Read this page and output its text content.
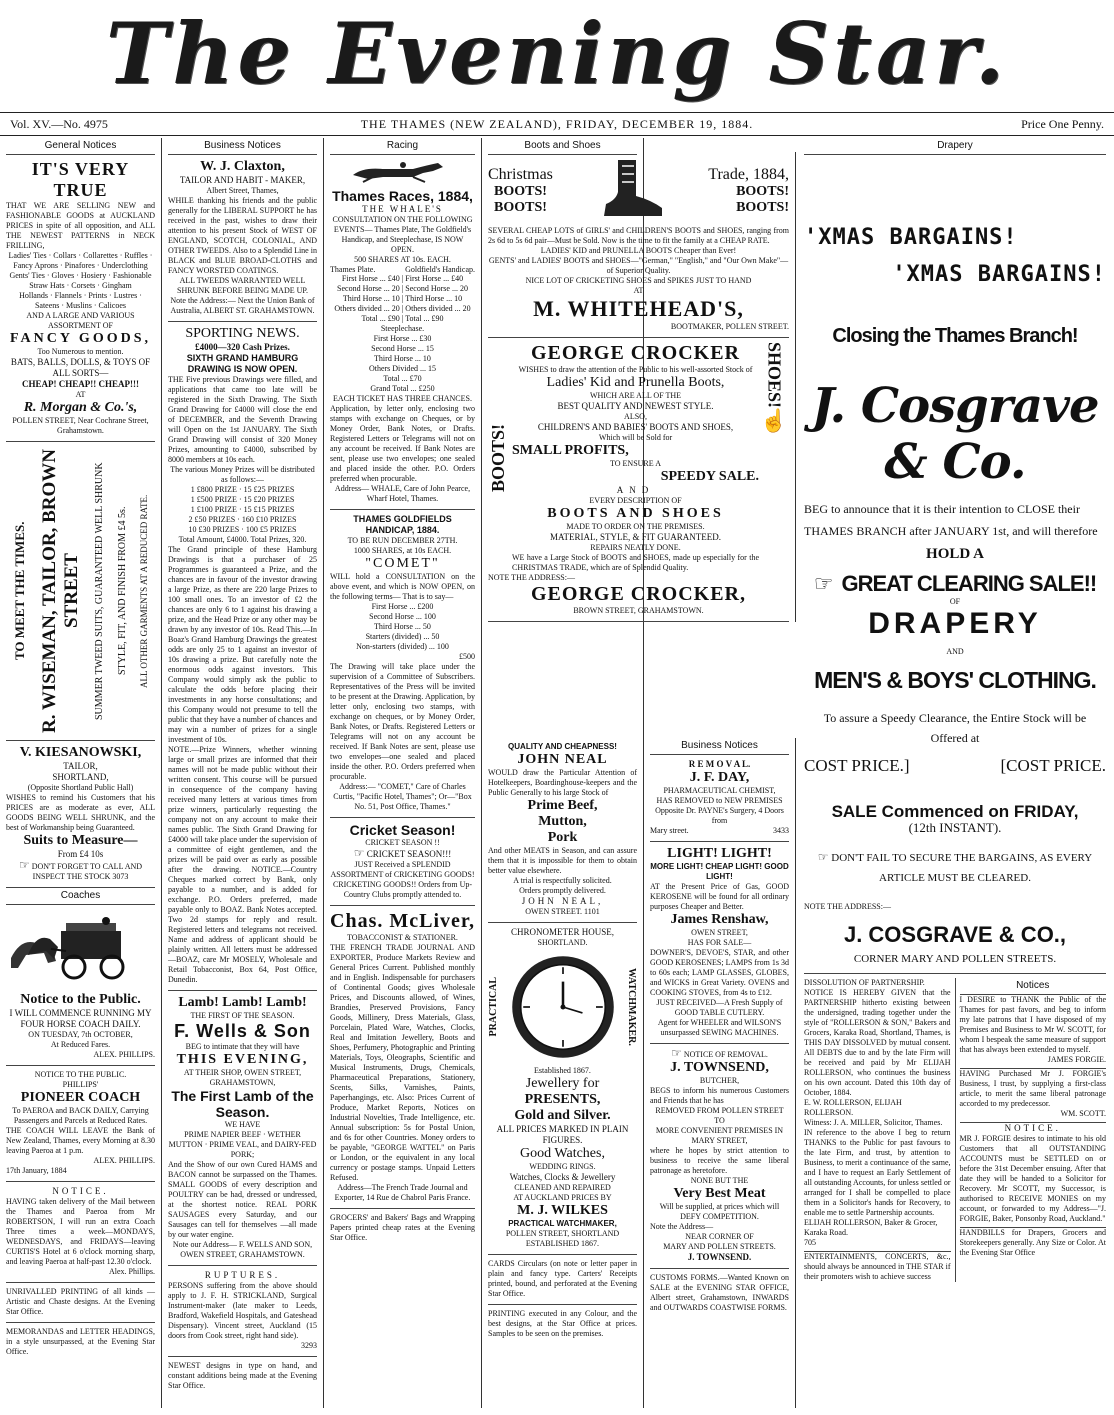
The Evening Star.
Vol. XV.—No. 4975	THE THAMES (NEW ZEALAND), FRIDAY, DECEMBER 19, 1884.	Price One Penny.
General Notices
IT'S VERY TRUE
THAT WE ARE SELLING NEW and FASHIONABLE GOODS at AUCKLAND PRICES in spite of all opposition, and ALL THE NEWEST PATTERNS in NECK FRILLING,
Ladies' Ties · Collars · Collarettes · Ruffles · Fancy Aprons · Pinafores · Underclothing
Gents' Ties · Gloves · Hosiery · Fashionable Straw Hats · Corsets · Gingham
Hollands · Flannels · Prints · Lustres · Sateens · Muslins · Calicoes
AND A LARGE AND VARIOUS ASSORTMENT OF
FANCY GOODS,
Too Numerous to mention.
BATS, BALLS, DOLLS, & TOYS OF ALL SORTS—
CHEAP! CHEAP!! CHEAP!!!
AT
R. Morgan & Co.'s,
POLLEN STREET, Near Cochrane Street, Grahamstown.
TO MEET THE TIMES. R. WISEMAN, TAILOR, BROWN STREET SUMMER TWEED SUITS, GUARANTEED WELL SHRUNK STYLE, FIT, AND FINISH FROM £4 5s. ALL OTHER GARMENTS AT A REDUCED RATE.
V. KIESANOWSKI,
TAILOR,
SHORTLAND,
(Opposite Shortland Public Hall)
WISHES to remind his Customers that his PRICES are as moderate as ever, ALL GOODS BEING WELL SHRUNK, and the best of Workmanship being Guaranteed.
Suits to Measure—
From £4 10s
☞ DON'T FORGET TO CALL AND INSPECT THE STOCK 3073
Coaches
Notice to the Public.
I WILL COMMENCE RUNNING MY FOUR HORSE COACH DAILY.
ON TUESDAY, 7th OCTOBER,
At Reduced Fares.
ALEX. PHILLIPS.
NOTICE TO THE PUBLIC.
PHILLIPS'
PIONEER COACH
To PAEROA and BACK DAILY, Carrying Passengers and Parcels at Reduced Rates.
THE COACH WILL LEAVE the Bank of New Zealand, Thames, every Morning at 8.30 leaving Paeroa at 1 p.m.
ALEX. PHILLIPS.
17th January, 1884
NOTICE.
HAVING taken delivery of the Mail between the Thames and Paeroa from Mr ROBERTSON, I will run an extra Coach Three times a week—MONDAYS, WEDNESDAYS, and FRIDAYS—leaving CURTIS'S Hotel at 6 o'clock morning sharp, and leaving Paeroa at half-past 12.30 o'clock.
Alex. Phillips.
UNRIVALLED PRINTING of all kinds —Artistic and Chaste designs. At the Evening Star Office.
MEMORANDAS and LETTER HEADINGS, in a style unsurpassed, at the Evening Star Office.
Business Notices
W. J. Claxton,
TAILOR AND HABIT - MAKER,
Albert Street, Thames,
WHILE thanking his friends and the public generally for the LIBERAL SUPPORT he has received in the past, wishes to draw their attention to his present Stock of WEST OF ENGLAND, SCOTCH, COLONIAL, AND OTHER TWEEDS. Also to a Splendid Line in BLACK and BLUE BROAD-CLOTHS and FANCY WORSTED COATINGS.
ALL TWEEDS WARRANTED WELL SHRUNK BEFORE BEING MADE UP.
Note the Address:— Next the Union Bank of Australia, ALBERT ST. GRAHAMSTOWN.
SPORTING NEWS.
£4000—320 Cash Prizes.
SIXTH GRAND HAMBURG DRAWING IS NOW OPEN.
THE Five previous Drawings were filled, and applications that came too late will be registered in the Sixth Drawing. The Sixth Grand Drawing for £4000 will close the end of DECEMBER, and the Seventh Drawing will Open on the 1st JANUARY. The Sixth Grand Drawing will consist of 320 Money Prizes, amounting to £4000, subscribed by 8000 members at 10s each.
The various Money Prizes will be distributed as follows:—
1 £800 PRIZE · 15 £25 PRIZES
1 £500 PRIZE · 15 £20 PRIZES
1 £100 PRIZE · 15 £15 PRIZES
2 £50 PRIZES · 160 £10 PRIZES
10 £30 PRIZES · 100 £5 PRIZES
Total Amount, £4000. Total Prizes, 320.
The Grand principle of these Hamburg Drawings is that a purchaser of 25 Programmes is guaranteed a Prize, and the chances are in favour of the investor drawing a large Prize, as there are 220 large Prizes to 100 small ones. To an investor of £2 the chances are only 6 to 1 against his drawing a prize, and the Head Prize or any other may be drawn by any investor of 10s. Read This.—In Boaz's Grand Hamburg Drawings the greatest odds are only 25 to 1 against an investor of 10s drawing a prize. But carefully note the enormous odds against investors. This Company would simply ask the public to calculate the odds before placing their investments in any horse consultations; and this Company would not presume to tell the public that they have a number of chances and may win a number of prizes for a single investment of 10s.
NOTE.—Prize Winners, whether winning large or small prizes are informed that their names will not be made public without their written consent. This course will be pursued in consequence of the company having received many letters at various times from prize winners, particularly requesting the company not on any account to make their names public. The Sixth Grand Drawing for £4000 will take place under the supervision of a committee of eight gentlemen, and the prizes will be paid over as early as possible after the drawing. NOTICE.—Country Cheques marked correct by Bank, only payable to a number, and is added for exchange. P.O. Orders preferred, made payable only to BOAZ. Bank Notes accepted. Two 2d stamps for reply and result. Registered letters and telegrams not received. Name and address of applicant should be plainly written. All letters must be addressed—BOAZ, care Mr MOSELY, Wholesale and Retail Tobacconist, Box 64, Post Office, Dunedin.
Lamb! Lamb! Lamb!
THE FIRST OF THE SEASON.
F. Wells & Son
BEG to intimate that they will have
THIS EVENING,
AT THEIR SHOP, OWEN STREET, GRAHAMSTOWN,
The First Lamb of the Season.
WE HAVE
PRIME NAPIER BEEF · WETHER MUTTON · PRIME VEAL, and DAIRY-FED PORK;
And the Show of our own Cured HAMS and BACON cannot be surpassed on the Thames. SMALL GOODS of every description and POULTRY can be had, dressed or undressed, at the shortest notice. REAL PORK SAUSAGES every Saturday, and our Sausages can tell for themselves —all made by our water engine.
Note our Address— F. WELLS AND SON, OWEN STREET, GRAHAMSTOWN.
RUPTURES.
PERSONS suffering from the above should apply to J. F. H. STRICKLAND, Surgical Instrument-maker (late maker to Leeds, Bradford, Wakefield Hospitals, and Gateshead Dispensary). Vincent street, Auckland (15 doors from Cook street, right hand side).
3293
NEWEST designs in type on hand, and constant additions being made at the Evening Star Office.
Racing
Thames Races, 1884,
THE WHALE'S
CONSULTATION ON THE FOLLOWING EVENTS— Thames Plate, The Goldfield's Handicap, and Steeplechase, IS NOW OPEN.
500 SHARES AT 10s. EACH.
Thames Plate.	Goldfield's Handicap.
First Horse ... £40 | First Horse ... £40
Second Horse ... 20 | Second Horse ... 20
Third Horse ... 10 | Third Horse ... 10
Others divided ... 20 | Others divided ... 20
Total ... £90 | Total ... £90
Steeplechase.
First Horse ... £30
Second Horse ... 15
Third Horse ... 10
Others Divided ... 15
Total ... £70
Grand Total ... £250
EACH TICKET HAS THREE CHANCES.
Application, by letter only, enclosing two stamps with exchange on Cheques, or by Money Order, Bank Notes, or Drafts. Registered Letters or Telegrams will not on any account be received. If Bank Notes are sent, please use two envelopes; one sealed and placed inside the other. P.O. Orders preferred when procurable.
Address— WHALE, Care of John Pearce, Wharf Hotel, Thames.
THAMES GOLDFIELDS HANDICAP, 1884.
TO BE RUN DECEMBER 27TH.
1000 SHARES, at 10s EACH.
"COMET"
WILL hold a CONSULTATION on the above event, and which is NOW OPEN, on the following terms— That is to say—
First Horse ... £200
Second Horse ... 100
Third Horse ... 50
Starters (divided) ... 50
Non-starters (divided) ... 100
£500
The Drawing will take place under the supervision of a Committee of Subscribers. Representatives of the Press will be invited to be present at the Drawing. Application, by letter only, enclosing two stamps, with exchange on cheques, or by Money Order, Bank Notes, or Drafts. Registered Letters or Telegrams will not on any account be received. If Bank Notes are sent, please use two envelopes—one sealed and placed inside the other. P.O. Orders preferred when procurable.
Address:— "COMET," Care of Charles Curtis, "Pacific Hotel, Thames"; Or—"Box No. 51, Post Office, Thames."
Cricket Season!
CRICKET SEASON !!
☞ CRICKET SEASON!!!
JUST Received a SPLENDID ASSORTMENT of CRICKETING GOODS! CRICKETING GOODS!! Orders from Up-Country Clubs promptly attended to.
Chas. McLiver,
TOBACCONIST & STATIONER.
THE FRENCH TRADE JOURNAL AND EXPORTER, Produce Markets Review and General Prices Current. Published monthly and in English. Indispensable for purchasers of Continental Goods; gives Wholesale Prices, and Discounts allowed, of Wines, Brandies, Preserved Provisions, Fancy Goods, Millinery, Dress Materials, Glass, Porcelain, Plated Ware, Watches, Clocks, Real and Imitation Jewellery, Boots and Shoes, Perfumery, Photographic and Printing Materials, Toys, Oleographs, Scientific and Musical Instruments, Drugs, Chemicals, Pharmaceutical Preparations, Stationery, Scents, Silks, Varnishes, Paints, Paperhangings, etc. Also: Prices Current of Produce, Market Reports, Notices on Industrial Novelties, Trade Intelligence, etc. Annual subscription: 5s for Postal Union, and 6s for other Countries. Money orders to be payable, "GEORGE WATTEL" on Paris or London, or the equivalent in any local currency or postage stamps. Unpaid Letters Refused.
Address—The French Trade Journal and Exporter, 14 Rue de Chabrol Paris France.
GROCERS' and Bakers' Bags and Wrapping Papers printed cheap rates at the Evening Star Office.
Boots and Shoes
Christmas
BOOTS!
BOOTS!
Trade, 1884,
BOOTS!
BOOTS!
SEVERAL CHEAP LOTS of GIRLS' and CHILDREN'S BOOTS and SHOES, ranging from 2s 6d to 5s 6d pair—Must be Sold. Now is the time to fit the family at a CHEAP RATE.
LADIES' KID and PRUNELLA BOOTS Cheaper than Ever!
GENTS' and LADIES' BOOTS and SHOES—"German," "English," and "Our Own Make"—of Superior Quality.
NICE LOT OF CRICKETING SHOES and SPIKES JUST TO HAND
AT
M. WHITEHEAD'S,
BOOTMAKER, POLLEN STREET.
BOOTS!
GEORGE CROCKER
WISHES to draw the attention of the Public to his well-assorted Stock of
Ladies' Kid and Prunella Boots,
WHICH ARE ALL OF THE
BEST QUALITY AND NEWEST STYLE.
ALSO,
CHILDREN'S AND BABIES' BOOTS AND SHOES,
Which will be Sold for
SMALL PROFITS,
TO ENSURE A
SPEEDY SALE.
AND
EVERY DESCRIPTION OF
BOOTS AND SHOES
MADE TO ORDER ON THE PREMISES.
MATERIAL, STYLE, & FIT GUARANTEED.
REPAIRS NEATLY DONE.
WE have a Large Stock of BOOTS and SHOES, made up especially for the CHRISTMAS TRADE, which are of Splendid Quality.
SHOES!
☝
NOTE THE ADDRESS:—
GEORGE CROCKER,
BROWN STREET, GRAHAMSTOWN.
QUALITY AND CHEAPNESS!
JOHN NEAL
WOULD draw the Particular Attention of Hotelkeepers, Boardinghouse-keepers and the Public Generally to his large Stock of
Prime Beef,
Mutton,
Pork
And other MEATS in Season, and can assure them that it is impossible for them to obtain better value elsewhere.
A trial is respectfully solicited.
Orders promptly delivered.
JOHN NEAL,
OWEN STREET. 1101
CHRONOMETER HOUSE,
SHORTLAND.
PRACTICAL	WATCHMAKER.
Established 1867.
Jewellery for
PRESENTS,
Gold and Silver.
ALL PRICES MARKED IN PLAIN FIGURES.
Good Watches,
WEDDING RINGS.
Watches, Clocks & Jewellery
CLEANED AND REPAIRED
AT AUCKLAND PRICES BY
M. J. WILKES
PRACTICAL WATCHMAKER,
POLLEN STREET, SHORTLAND
ESTABLISHED 1867.
CARDS Circulars (on note or letter paper in plain and fancy type. Carters' Receipts printed, bound, and perforated at the Evening Star Office.
PRINTING executed in any Colour, and the best designs, at the Star Office at prices. Samples to be seen on the premises.
Business Notices
R E M O V A L.
J. F. DAY,
PHARMACEUTICAL CHEMIST,
HAS REMOVED to NEW PREMISES
Opposite Dr. PAYNE's Surgery, 4 Doors from
Mary street.	3433
LIGHT! LIGHT!
MORE LIGHT! CHEAP LIGHT! GOOD LIGHT!
AT the Present Price of Gas, GOOD KEROSENE will be found for all ordinary purposes Cheaper and Better.
James Renshaw,
OWEN STREET,
HAS FOR SALE—
DOWNER'S, DEVOE'S, STAR, and other GOOD KEROSENES; LAMPS from 1s 3d to 60s each; LAMP GLASSES, GLOBES, and WICKS in Great Variety. OVENS and COOKING STOVES, from 4s to £12.
JUST RECEIVED—A Fresh Supply of GOOD TABLE CUTLERY.
Agent for WHEELER and WILSON'S unsurpassed SEWING MACHINES.
☞ NOTICE OF REMOVAL.
J. TOWNSEND,
BUTCHER,
BEGS to inform his numerous Customers and Friends that he has
REMOVED FROM POLLEN STREET
TO
MORE CONVENIENT PREMISES IN MARY STREET,
where he hopes by strict attention to business to receive the same liberal patronage as heretofore.
NONE BUT THE
Very Best Meat
Will be supplied, at prices which will DEFY COMPETITION.
Note the Address—
NEAR CORNER OF
MARY AND POLLEN STREETS.
J. TOWNSEND.
CUSTOMS FORMS.—Wanted Known on SALE at the EVENING STAR OFFICE, Albert street, Grahamstown, INWARDS and OUTWARDS COASTWISE FORMS.
Drapery
'XMAS BARGAINS!
'XMAS BARGAINS!
Closing the Thames Branch!
J. Cosgrave & Co.
BEG to announce that it is their intention to CLOSE their THAMES BRANCH after JANUARY 1st, and will therefore
HOLD A
☞ GREAT CLEARING SALE!!
OF
DRAPERY
AND
MEN'S & BOYS' CLOTHING.
To assure a Speedy Clearance, the Entire Stock will be Offered at
COST PRICE.]	[COST PRICE.
SALE Commenced on FRIDAY,
(12th INSTANT).
☞ DON'T FAIL TO SECURE THE BARGAINS, AS EVERY ARTICLE MUST BE CLEARED.
NOTE THE ADDRESS:—
J. COSGRAVE & CO.,
CORNER MARY AND POLLEN STREETS.
DISSOLUTION OF PARTNERSHIP.
NOTICE IS HEREBY GIVEN that the PARTNERSHIP hitherto existing between the undersigned, trading together under the style of "ROLLERSON & SON," Bakers and Grocers, Karaka Road, Shortland, Thames, is THIS DAY DISSOLVED by mutual consent. All DEBTS due to and by the late Firm will be received and paid by Mr ELIJAH ROLLERSON, who continues the business on his own account. Dated this 10th day of October, 1884.
E. W. ROLLERSON, ELIJAH ROLLERSON.
Witness: J. A. MILLER, Solicitor, Thames.
IN reference to the above I beg to return THANKS to the Public for past favours to the late Firm, and trust, by attention to Business, to merit a continuance of the same, and I have to request an Early Settlement of all outstanding Accounts, for unless settled or arranged for I shall be compelled to place them in a Solicitor's hands for Recovery, to enable me to settle Partnership accounts.
ELIJAH ROLLERSON, Baker & Grocer, Karaka Road.
705
ENTERTAINMENTS, CONCERTS, &c., should always be announced in THE STAR if their promoters wish to achieve success
Notices
I DESIRE to THANK the Public of the Thames for past favors, and beg to inform my late patrons that I have disposed of my Premises and Business to Mr W. SCOTT, for whom I bespeak the same measure of support that has always been extended to myself.
JAMES FORGIE.
HAVING Purchased Mr J. FORGIE's Business, I trust, by supplying a first-class article, to merit the same liberal patronage accorded to my predecessor.
WM. SCOTT.
NOTICE.
MR J. FORGIE desires to intimate to his old Customers that all OUTSTANDING ACCOUNTS must be SETTLED on or before the 31st December ensuing. After that date they will be handed to a Solicitor for Recovery. Mr SCOTT, my Successor, is authorised to RECEIVE MONIES on my account, or forwarded to my Address—"J. FORGIE, Baker, Ponsonby Road, Auckland."
HANDBILLS for Drapers, Grocers and Storekeepers generally. Any Size or Color. At the Evening Star Office
